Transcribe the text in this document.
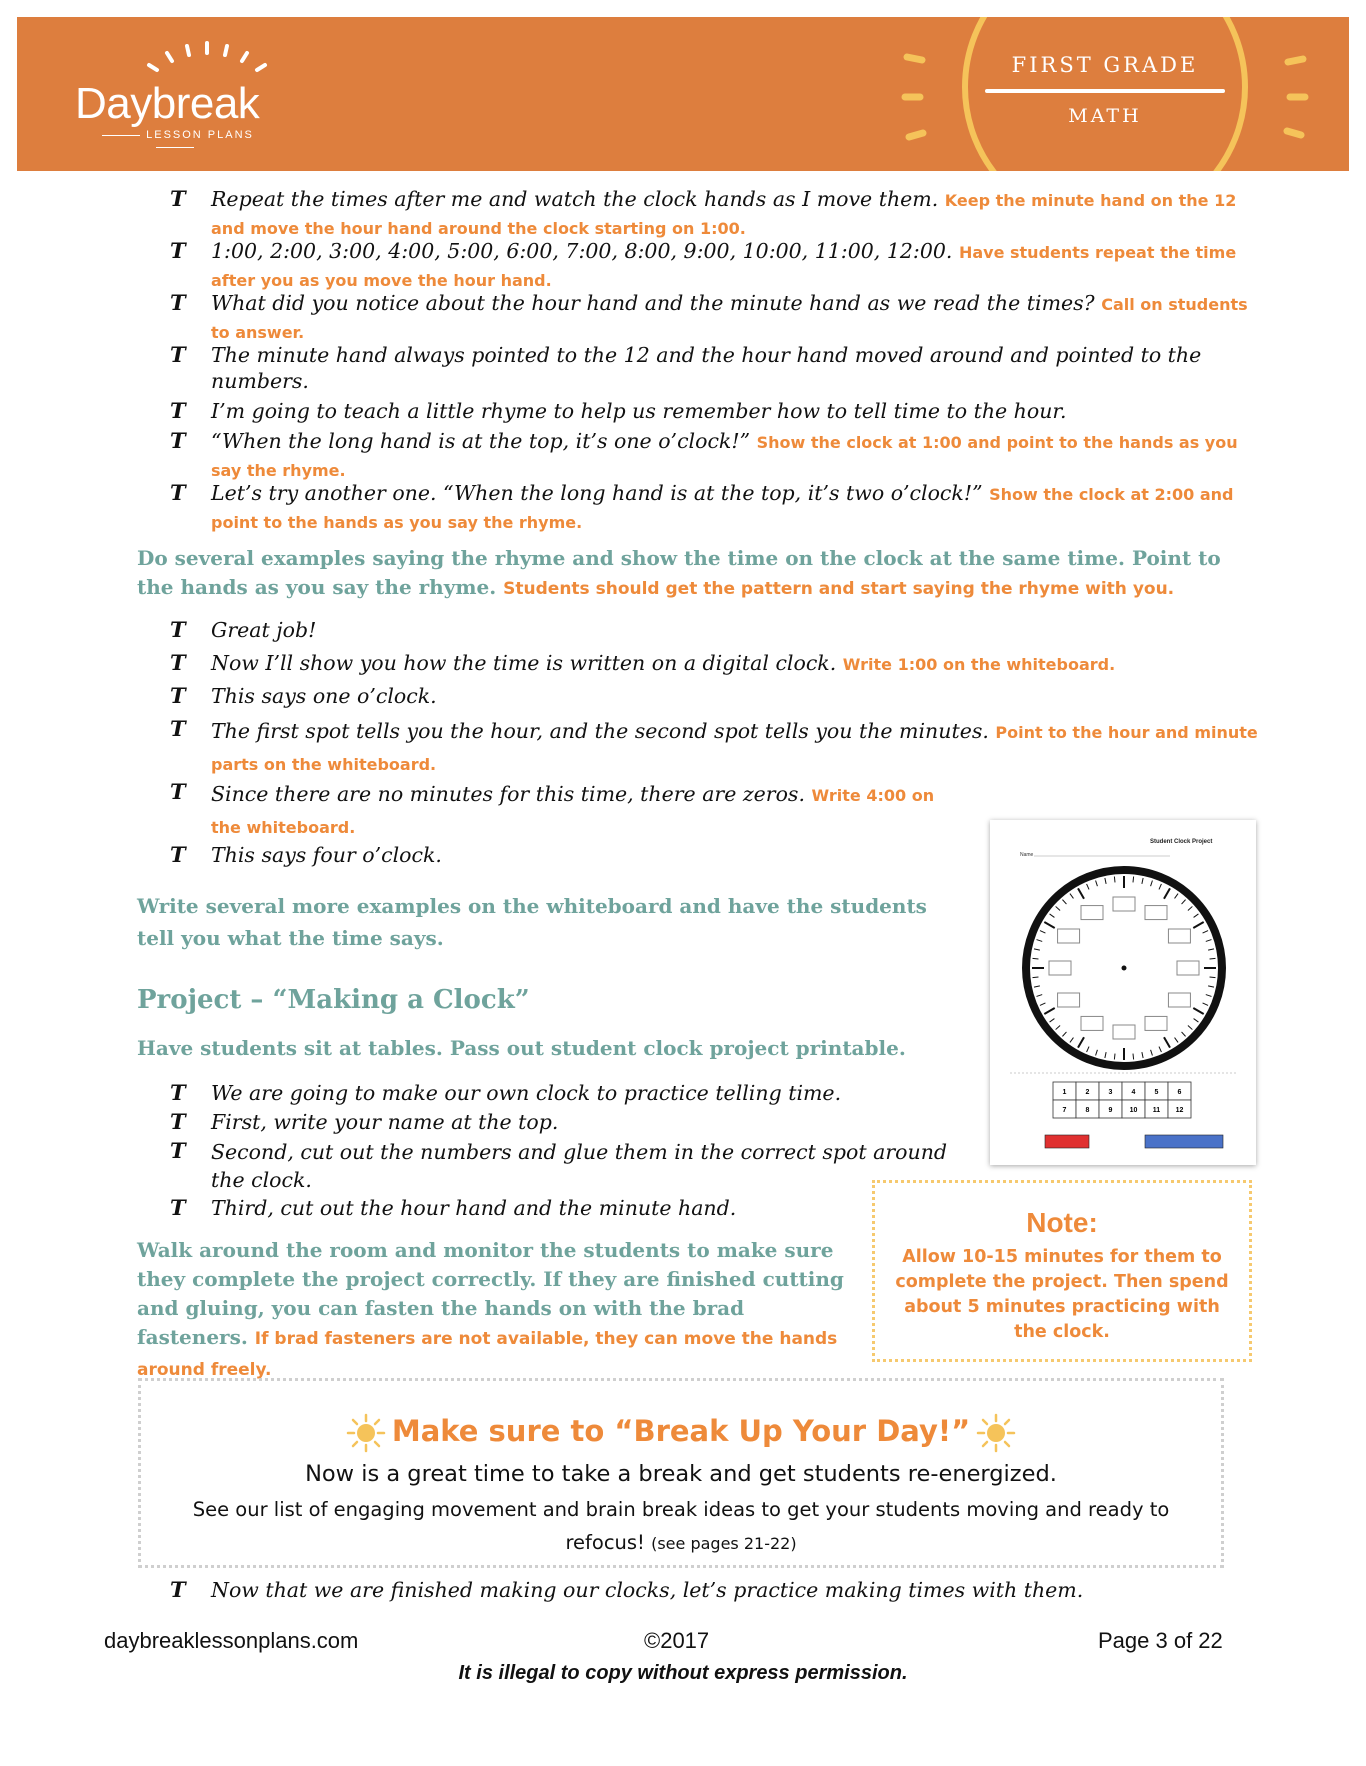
Daybreak
LESSON PLANS
FIRST GRADE
MATH
T Repeat the times after me and watch the clock hands as I move them. Keep the minute hand on the 12 and move the hour hand around the clock starting on 1:00.
T 1:00, 2:00, 3:00, 4:00, 5:00, 6:00, 7:00, 8:00, 9:00, 10:00, 11:00, 12:00. Have students repeat the time after you as you move the hour hand.
T What did you notice about the hour hand and the minute hand as we read the times? Call on students to answer.
T The minute hand always pointed to the 12 and the hour hand moved around and pointed to the numbers.
T I’m going to teach a little rhyme to help us remember how to tell time to the hour.
T “When the long hand is at the top, it’s one o’clock!” Show the clock at 1:00 and point to the hands as you say the rhyme.
T Let’s try another one. “When the long hand is at the top, it’s two o’clock!” Show the clock at 2:00 and point to the hands as you say the rhyme.
Do several examples saying the rhyme and show the time on the clock at the same time. Point to the hands as you say the rhyme. Students should get the pattern and start saying the rhyme with you.
T Great job!
T Now I’ll show you how the time is written on a digital clock. Write 1:00 on the whiteboard.
T This says one o’clock.
T The first spot tells you the hour, and the second spot tells you the minutes. Point to the hour and minute parts on the whiteboard.
T Since there are no minutes for this time, there are zeros. Write 4:00 on the whiteboard.
T This says four o’clock.
Write several more examples on the whiteboard and have the students tell you what the time says.
Project – “Making a Clock”
Have students sit at tables. Pass out student clock project printable.
T We are going to make our own clock to practice telling time.
T First, write your name at the top.
T Second, cut out the numbers and glue them in the correct spot around the clock.
T Third, cut out the hour hand and the minute hand.
Walk around the room and monitor the students to make sure they complete the project correctly. If they are finished cutting and gluing, you can fasten the hands on with the brad fasteners. If brad fasteners are not available, they can move the hands around freely.
Student Clock Project
Name
1	2	3	4	5	6
7	8	9 10 11 12
Note:
Allow 10-15 minutes for them to complete the project. Then spend about 5 minutes practicing with the clock.
Make sure to “Break Up Your Day!”
Now is a great time to take a break and get students re-energized.
See our list of engaging movement and brain break ideas to get your students moving and ready to refocus! (see pages 21-22)
T Now that we are finished making our clocks, let’s practice making times with them.
daybreaklessonplans.com	©2017	Page 3 of 22
It is illegal to copy without express permission.
